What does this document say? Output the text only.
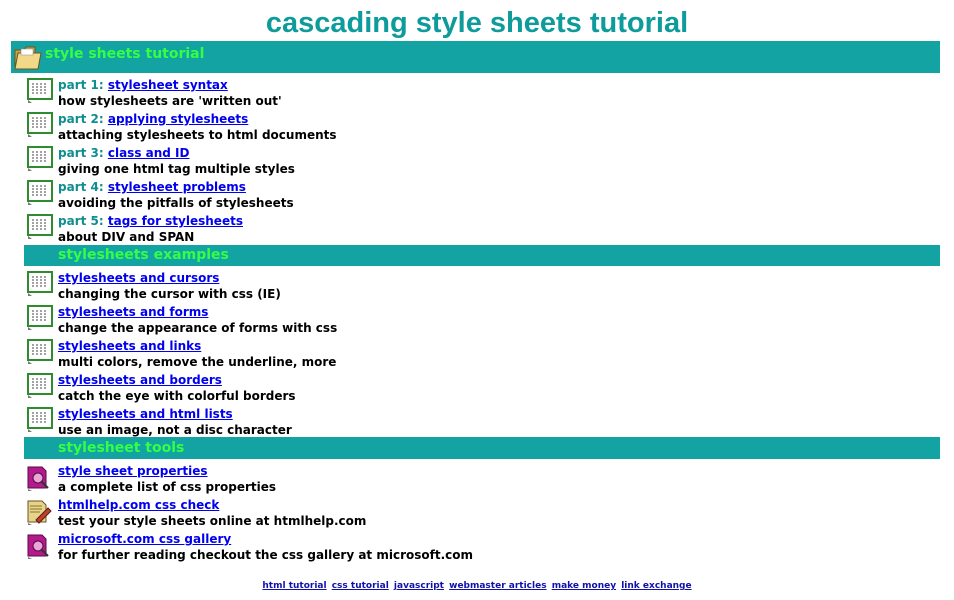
cascading style sheets tutorial
style sheets tutorial
part 1: stylesheet syntax
how stylesheets are 'written out'
part 2: applying stylesheets
attaching stylesheets to html documents
part 3: class and ID
giving one html tag multiple styles
part 4: stylesheet problems
avoiding the pitfalls of stylesheets
part 5: tags for stylesheets
about DIV and SPAN
stylesheets examples
stylesheets and cursors
changing the cursor with css (IE)
stylesheets and forms
change the appearance of forms with css
stylesheets and links
multi colors, remove the underline, more
stylesheets and borders
catch the eye with colorful borders
stylesheets and html lists
use an image, not a disc character
stylesheet tools
style sheet properties
a complete list of css properties
htmlhelp.com css check
test your style sheets online at htmlhelp.com
microsoft.com css gallery
for further reading checkout the css gallery at microsoft.com
html tutorial css tutorial javascript webmaster articles make money link exchange
